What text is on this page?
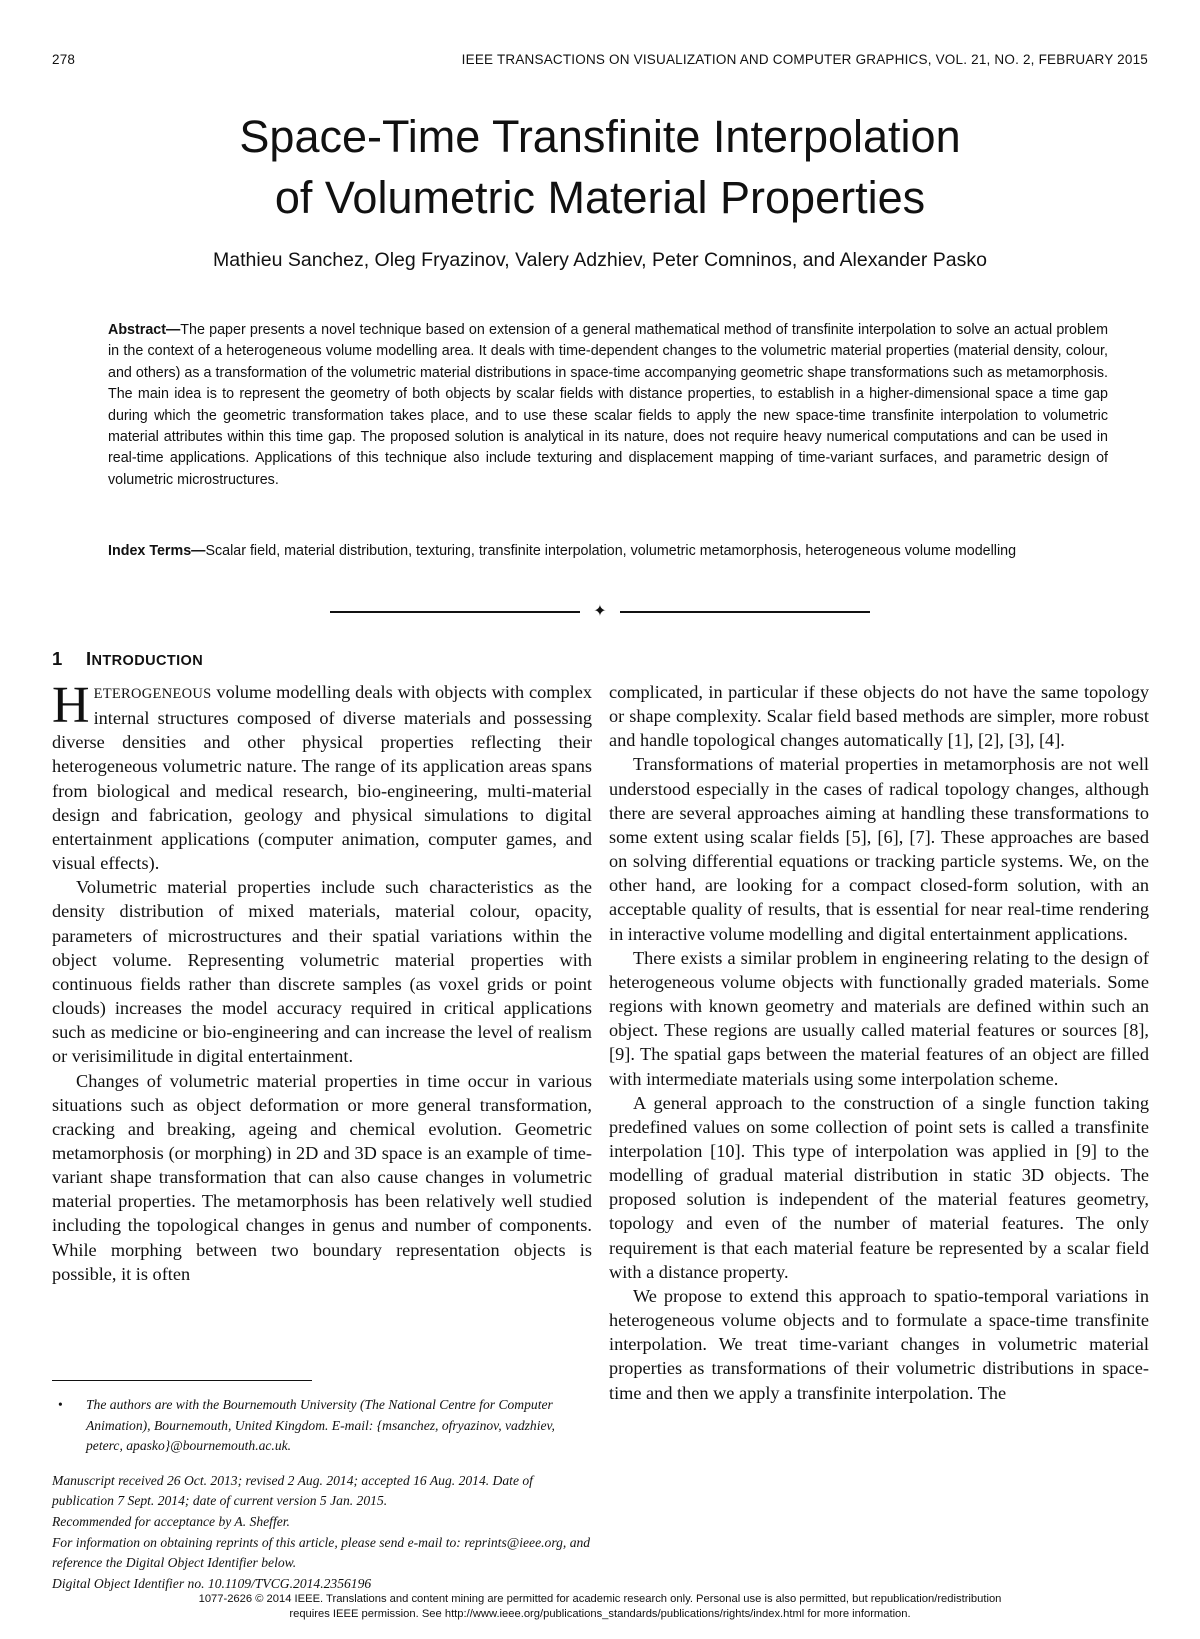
278	IEEE TRANSACTIONS ON VISUALIZATION AND COMPUTER GRAPHICS, VOL. 21, NO. 2, FEBRUARY 2015
Space-Time Transfinite Interpolation
of Volumetric Material Properties
Mathieu Sanchez, Oleg Fryazinov, Valery Adzhiev, Peter Comninos, and Alexander Pasko

Abstract—The paper presents a novel technique based on extension of a general mathematical method of transfinite interpolation to solve an actual problem in the context of a heterogeneous volume modelling area. It deals with time-dependent changes to the volumetric material properties (material density, colour, and others) as a transformation of the volumetric material distributions in space-time accompanying geometric shape transformations such as metamorphosis. The main idea is to represent the geometry of both objects by scalar fields with distance properties, to establish in a higher-dimensional space a time gap during which the geometric transformation takes place, and to use these scalar fields to apply the new space-time transfinite interpolation to volumetric material attributes within this time gap. The proposed solution is analytical in its nature, does not require heavy numerical computations and can be used in real-time applications. Applications of this technique also include texturing and displacement mapping of time-variant surfaces, and parametric design of volumetric microstructures.

Index Terms—Scalar field, material distribution, texturing, transfinite interpolation, volumetric metamorphosis, heterogeneous volume modelling

✦
1 INTRODUCTION

HETEROGENEOUS volume modelling deals with objects with complex internal structures composed of diverse materials and possessing diverse densities and other physical properties reflecting their heterogeneous volumetric nature. The range of its application areas spans from biological and medical research, bio-engineering, multi-material design and fabrication, geology and physical simulations to digital entertainment applications (computer animation, computer games, and visual effects).

Volumetric material properties include such characteristics as the density distribution of mixed materials, material colour, opacity, parameters of microstructures and their spatial variations within the object volume. Representing volumetric material properties with continuous fields rather than discrete samples (as voxel grids or point clouds) increases the model accuracy required in critical applications such as medicine or bio-engineering and can increase the level of realism or verisimilitude in digital entertainment.

Changes of volumetric material properties in time occur in various situations such as object deformation or more general transformation, cracking and breaking, ageing and chemical evolution. Geometric metamorphosis (or morphing) in 2D and 3D space is an example of time-variant shape transformation that can also cause changes in volumetric material properties. The metamorphosis has been relatively well studied including the topological changes in genus and number of components. While morphing between two boundary representation objects is possible, it is often

complicated, in particular if these objects do not have the same topology or shape complexity. Scalar field based methods are simpler, more robust and handle topological changes automatically [1], [2], [3], [4].

Transformations of material properties in metamorphosis are not well understood especially in the cases of radical topology changes, although there are several approaches aiming at handling these transformations to some extent using scalar fields [5], [6], [7]. These approaches are based on solving differential equations or tracking particle systems. We, on the other hand, are looking for a compact closed-form solution, with an acceptable quality of results, that is essential for near real-time rendering in interactive volume modelling and digital entertainment applications.

There exists a similar problem in engineering relating to the design of heterogeneous volume objects with functionally graded materials. Some regions with known geometry and materials are defined within such an object. These regions are usually called material features or sources [8], [9]. The spatial gaps between the material features of an object are filled with intermediate materials using some interpolation scheme.

A general approach to the construction of a single function taking predefined values on some collection of point sets is called a transfinite interpolation [10]. This type of interpolation was applied in [9] to the modelling of gradual material distribution in static 3D objects. The proposed solution is independent of the material features geometry, topology and even of the number of material features. The only requirement is that each material feature be represented by a scalar field with a distance property.

We propose to extend this approach to spatio-temporal variations in heterogeneous volume objects and to formulate a space-time transfinite interpolation. We treat time-variant changes in volumetric material properties as transformations of their volumetric distributions in space-time and then we apply a transfinite interpolation. The

•	The authors are with the Bournemouth University (The National Centre for Computer Animation), Bournemouth, United Kingdom. E-mail: {msanchez, ofryazinov, vadzhiev, peterc, apasko}@bournemouth.ac.uk.

Manuscript received 26 Oct. 2013; revised 2 Aug. 2014; accepted 16 Aug. 2014. Date of publication 7 Sept. 2014; date of current version 5 Jan. 2015.

Recommended for acceptance by A. Sheffer.

For information on obtaining reprints of this article, please send e-mail to: reprints@ieee.org, and reference the Digital Object Identifier below.

Digital Object Identifier no. 10.1109/TVCG.2014.2356196

1077-2626 © 2014 IEEE. Translations and content mining are permitted for academic research only. Personal use is also permitted, but republication/redistribution
requires IEEE permission. See http://www.ieee.org/publications_standards/publications/rights/index.html for more information.
